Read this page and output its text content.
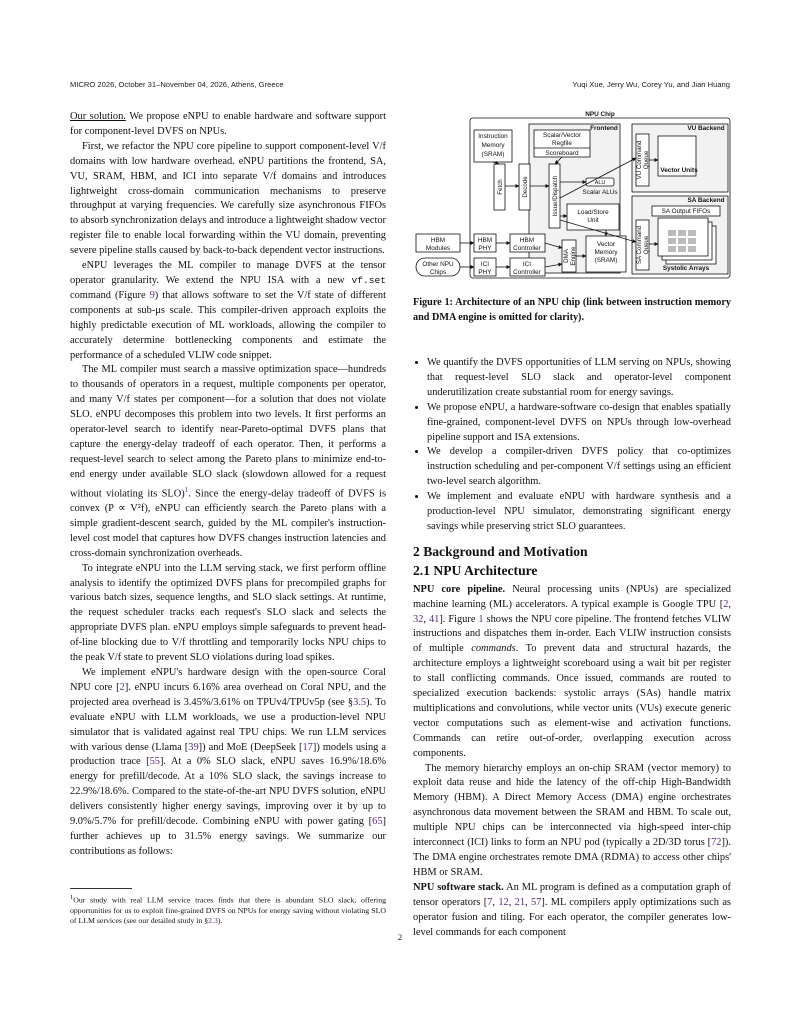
MICRO 2026, October 31–November 04, 2026, Athens, Greece	Yuqi Xue, Jerry Wu, Corey Yu, and Jian Huang

Our solution. We propose eNPU to enable hardware and software support for component-level DVFS on NPUs.

First, we refactor the NPU core pipeline to support component-level V/f domains with low hardware overhead. eNPU partitions the frontend, SA, VU, SRAM, HBM, and ICI into separate V/f domains and introduces lightweight cross-domain communication mechanisms to preserve throughput at varying frequencies. We carefully size asynchronous FIFOs to absorb synchronization delays and introduce a lightweight shadow vector register file to enable local forwarding within the VU domain, preventing severe pipeline stalls caused by back-to-back dependent vector instructions.

eNPU leverages the ML compiler to manage DVFS at the tensor operator granularity. We extend the NPU ISA with a new vf.set command (Figure 9) that allows software to set the V/f state of different components at sub-μs scale. This compiler-driven approach exploits the highly predictable execution of ML workloads, allowing the compiler to accurately determine bottlenecking components and estimate the performance of a scheduled VLIW code snippet.

The ML compiler must search a massive optimization space—hundreds to thousands of operators in a request, multiple components per operator, and many V/f states per component—for a solution that does not violate SLO. eNPU decomposes this problem into two levels. It first performs an operator-level search to identify near-Pareto-optimal DVFS plans that capture the energy-delay tradeoff of each operator. Then, it performs a request-level search to select among the Pareto plans to minimize end-to-end energy under available SLO slack (slowdown allowed for a request without violating its SLO)$^1$. Since the energy-delay tradeoff of DVFS is convex (P ∝ V²f), eNPU can efficiently search the Pareto plans with a simple gradient-descent search, guided by the ML compiler's instruction-level cost model that captures how DVFS changes instruction latencies and cross-domain synchronization overheads.

To integrate eNPU into the LLM serving stack, we first perform offline analysis to identify the optimized DVFS plans for precompiled graphs for various batch sizes, sequence lengths, and SLO slack settings. At runtime, the request scheduler tracks each request's SLO slack and selects the appropriate DVFS plan. eNPU employs simple safeguards to prevent head-of-line blocking due to V/f throttling and temporarily locks NPU chips to the peak V/f state to prevent SLO violations during load spikes.

We implement eNPU's hardware design with the open-source Coral NPU core [2]. eNPU incurs 6.16% area overhead on Coral NPU, and the projected area overhead is 3.45%/3.61% on TPUv4/TPUv5p (see §3.5). To evaluate eNPU with LLM workloads, we use a production-level NPU simulator that is validated against real TPU chips. We run LLM services with various dense (Llama [39]) and MoE (DeepSeek [17]) models using a production trace [55]. At a 0% SLO slack, eNPU saves 16.9%/18.6% energy for prefill/decode. At a 10% SLO slack, the savings increase to 22.9%/18.6%. Compared to the state-of-the-art NPU DVFS solution, eNPU delivers consistently higher energy savings, improving over it by up to 9.0%/5.7% for prefill/decode. Combining eNPU with power gating [65] further achieves up to 31.5% energy savings. We summarize our contributions as follows:

$^1$Our study with real LLM service traces finds that there is abundant SLO slack, offering opportunities for us to exploit fine-grained DVFS on NPUs for energy saving without violating SLO of LLM services (see our detailed study in §2.3).
2
NPU Chip
Frontend
Instruction
Memory
(SRAM)
Scalar/Vector
Regfile
Scoreboard
ALU
Scalar ALUs
Load/Store
Unit
VU Backend
Vector Units
SA Backend
SA Output FIFOs
Systolic Arrays
HBM
Modules
Other NPU
Chips
HBM
PHY
ICI
PHY
HBM
Controller
ICI
Controller
Vector
Memory
(SRAM)
Fetch	Decode	Issue/Dispatch
VU Command Queue
SA Command Queue
DMA Engine
Figure 1: Architecture of an NPU chip (link between instruction memory and DMA engine is omitted for clarity).
• We quantify the DVFS opportunities of LLM serving on NPUs, showing that request-level SLO slack and operator-level component underutilization create substantial room for energy savings.
• We propose eNPU, a hardware-software co-design that enables spatially fine-grained, component-level DVFS on NPUs through low-overhead pipeline support and ISA extensions.
• We develop a compiler-driven DVFS policy that co-optimizes instruction scheduling and per-component V/f settings using an efficient two-level search algorithm.
• We implement and evaluate eNPU with hardware synthesis and a production-level NPU simulator, demonstrating significant energy savings while preserving strict SLO guarantees.
2 Background and Motivation
2.1 NPU Architecture

NPU core pipeline. Neural processing units (NPUs) are specialized machine learning (ML) accelerators. A typical example is Google TPU [2, 32, 41]. Figure 1 shows the NPU core pipeline. The frontend fetches VLIW instructions and dispatches them in-order. Each VLIW instruction consists of multiple commands. To prevent data and structural hazards, the architecture employs a lightweight scoreboard using a wait bit per register to stall conflicting commands. Once issued, commands are routed to specialized execution backends: systolic arrays (SAs) handle matrix multiplications and convolutions, while vector units (VUs) execute generic vector computations such as element-wise and activation functions. Commands can retire out-of-order, overlapping execution across components.

The memory hierarchy employs an on-chip SRAM (vector memory) to exploit data reuse and hide the latency of the off-chip High-Bandwidth Memory (HBM). A Direct Memory Access (DMA) engine orchestrates asynchronous data movement between the SRAM and HBM. To scale out, multiple NPU chips can be interconnected via high-speed inter-chip interconnect (ICI) links to form an NPU pod (typically a 2D/3D torus [72]). The DMA engine orchestrates remote DMA (RDMA) to access other chips' HBM or SRAM.

NPU software stack. An ML program is defined as a computation graph of tensor operators [7, 12, 21, 57]. ML compilers apply optimizations such as operator fusion and tiling. For each operator, the compiler generates low-level commands for each component
